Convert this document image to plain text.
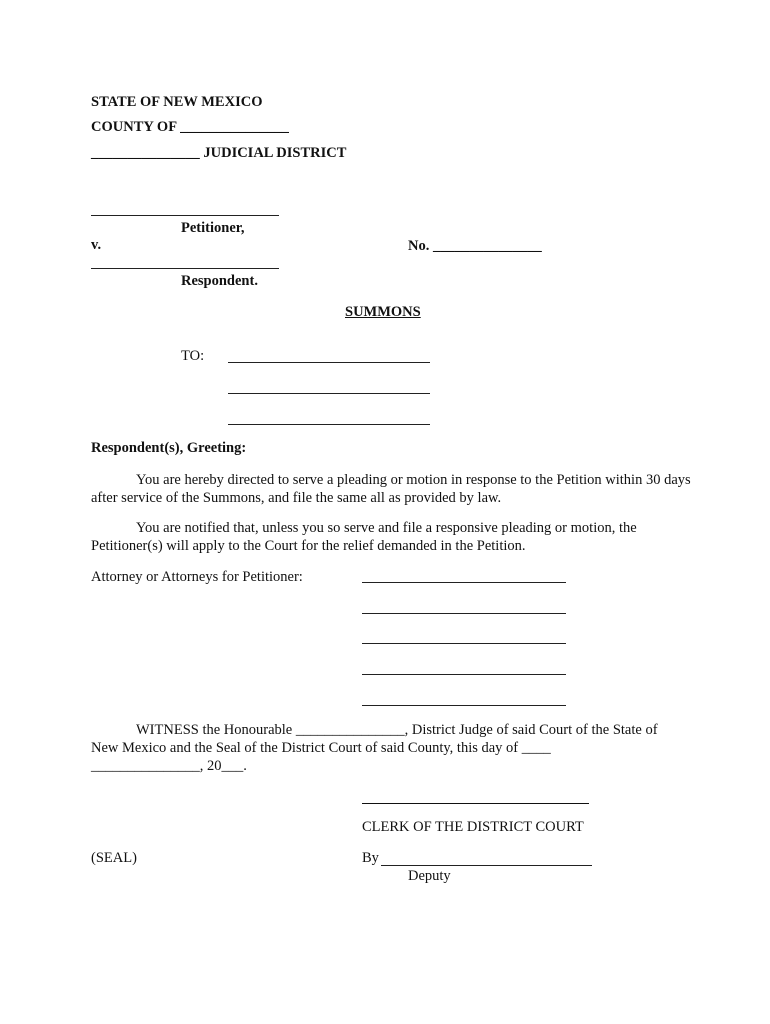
STATE OF NEW MEXICO
COUNTY OF _______________
_______________ JUDICIAL DISTRICT
Petitioner,
v.	No. _______________
Respondent.
SUMMONS
TO:
Respondent(s), Greeting:
You are hereby directed to serve a pleading or motion in response to the Petition within 30 days after service of the Summons, and file the same all as provided by law.
You are notified that, unless you so serve and file a responsive pleading or motion, the Petitioner(s) will apply to the Court for the relief demanded in the Petition.
Attorney or Attorneys for Petitioner:
WITNESS the Honourable _______________, District Judge of said Court of the State of
New Mexico and the Seal of the District Court of said County, this day of ____
_______________, 20___.
CLERK OF THE DISTRICT COURT
(SEAL)	By
Deputy
